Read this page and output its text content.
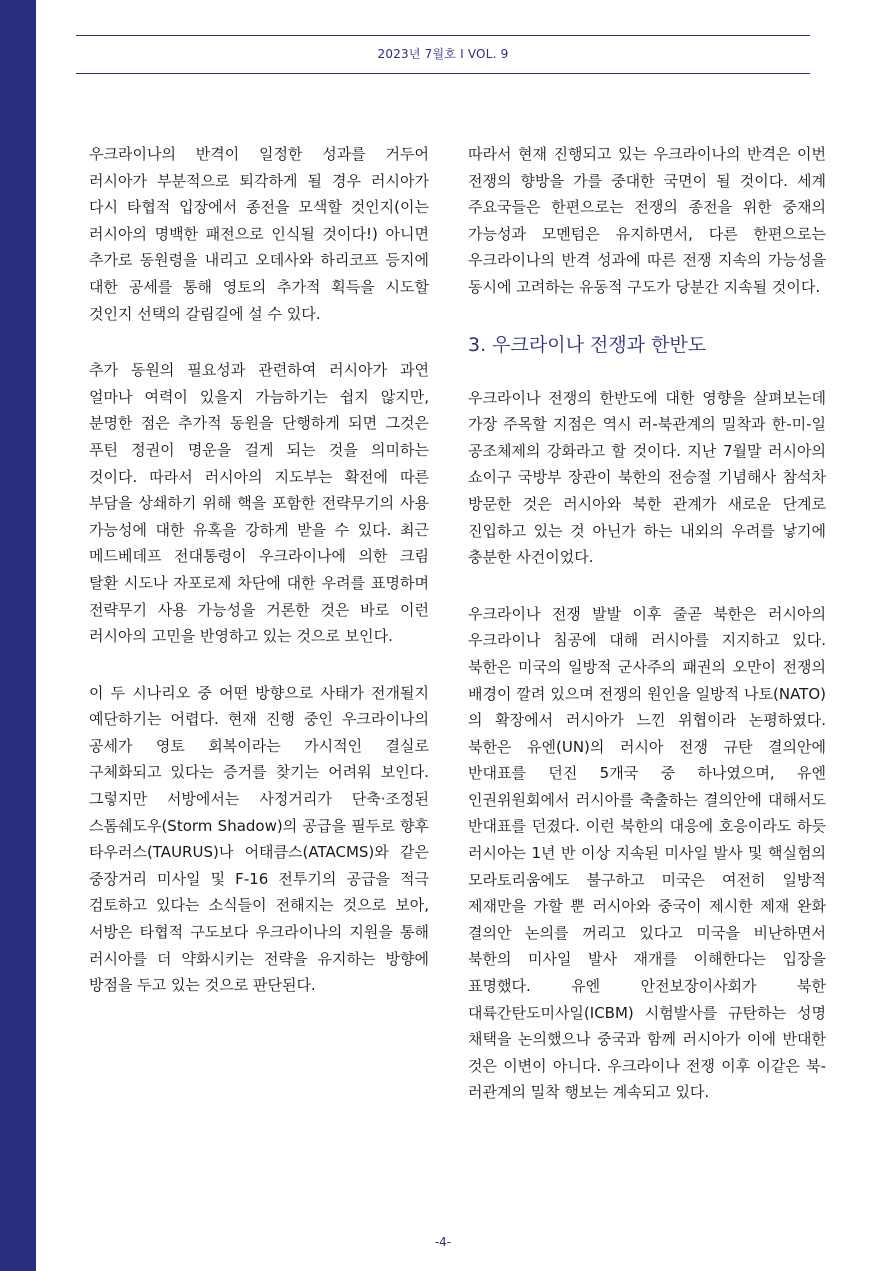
2023년 7월호 I VOL. 9

우크라이나의 반격이 일정한 성과를 거두어 러시아가 부분적으로 퇴각하게 될 경우 러시아가 다시 타협적 입장에서 종전을 모색할 것인지(이는 러시아의 명백한 패전으로 인식될 것이다!) 아니면 추가로 동원령을 내리고 오데사와 하리코프 등지에 대한 공세를 통해 영토의 추가적 획득을 시도할 것인지 선택의 갈림길에 설 수 있다.

추가 동원의 필요성과 관련하여 러시아가 과연 얼마나 여력이 있을지 가늠하기는 쉽지 않지만, 분명한 점은 추가적 동원을 단행하게 되면 그것은 푸틴 정권이 명운을 걸게 되는 것을 의미하는 것이다. 따라서 러시아의 지도부는 확전에 따른 부담을 상쇄하기 위해 핵을 포함한 전략무기의 사용 가능성에 대한 유혹을 강하게 받을 수 있다. 최근 메드베데프 전대통령이 우크라이나에 의한 크림 탈환 시도나 자포로제 차단에 대한 우려를 표명하며 전략무기 사용 가능성을 거론한 것은 바로 이런 러시아의 고민을 반영하고 있는 것으로 보인다.

이 두 시나리오 중 어떤 방향으로 사태가 전개될지 예단하기는 어렵다. 현재 진행 중인 우크라이나의 공세가 영토 회복이라는 가시적인 결실로 구체화되고 있다는 증거를 찾기는 어려워 보인다. 그렇지만 서방에서는 사정거리가 단축·조정된 스톰쉐도우(Storm Shadow)의 공급을 필두로 향후 타우러스(TAURUS)나 어태큼스(ATACMS)와 같은 중장거리 미사일 및 F-16 전투기의 공급을 적극 검토하고 있다는 소식들이 전해지는 것으로 보아, 서방은 타협적 구도보다 우크라이나의 지원을 통해 러시아를 더 약화시키는 전략을 유지하는 방향에 방점을 두고 있는 것으로 판단된다.

따라서 현재 진행되고 있는 우크라이나의 반격은 이번 전쟁의 향방을 가를 중대한 국면이 될 것이다. 세계 주요국들은 한편으로는 전쟁의 종전을 위한 중재의 가능성과 모멘텀은 유지하면서, 다른 한편으로는 우크라이나의 반격 성과에 따른 전쟁 지속의 가능성을 동시에 고려하는 유동적 구도가 당분간 지속될 것이다.

3. 우크라이나 전쟁과 한반도

우크라이나 전쟁의 한반도에 대한 영향을 살펴보는데 가장 주목할 지점은 역시 러-북관계의 밀착과 한-미-일 공조체제의 강화라고 할 것이다. 지난 7월말 러시아의 쇼이구 국방부 장관이 북한의 전승절 기념해사 참석차 방문한 것은 러시아와 북한 관계가 새로운 단계로 진입하고 있는 것 아닌가 하는 내외의 우려를 낳기에 충분한 사건이었다.

우크라이나 전쟁 발발 이후 줄곧 북한은 러시아의 우크라이나 침공에 대해 러시아를 지지하고 있다. 북한은 미국의 일방적 군사주의 패권의 오만이 전쟁의 배경이 깔려 있으며 전쟁의 원인을 일방적 나토(NATO)의 확장에서 러시아가 느낀 위협이라 논평하였다. 북한은 유엔(UN)의 러시아 전쟁 규탄 결의안에 반대표를 던진 5개국 중 하나였으며, 유엔 인권위원회에서 러시아를 축출하는 결의안에 대해서도 반대표를 던졌다. 이런 북한의 대응에 호응이라도 하듯 러시아는 1년 반 이상 지속된 미사일 발사 및 핵실험의 모라토리움에도 불구하고 미국은 여전히 일방적 제재만을 가할 뿐 러시아와 중국이 제시한 제재 완화 결의안 논의를 꺼리고 있다고 미국을 비난하면서 북한의 미사일 발사 재개를 이해한다는 입장을 표명했다. 유엔 안전보장이사회가 북한 대륙간탄도미사일(ICBM) 시험발사를 규탄하는 성명 채택을 논의했으나 중국과 함께 러시아가 이에 반대한 것은 이변이 아니다. 우크라이나 전쟁 이후 이같은 북-러관계의 밀착 행보는 계속되고 있다.

-4-
